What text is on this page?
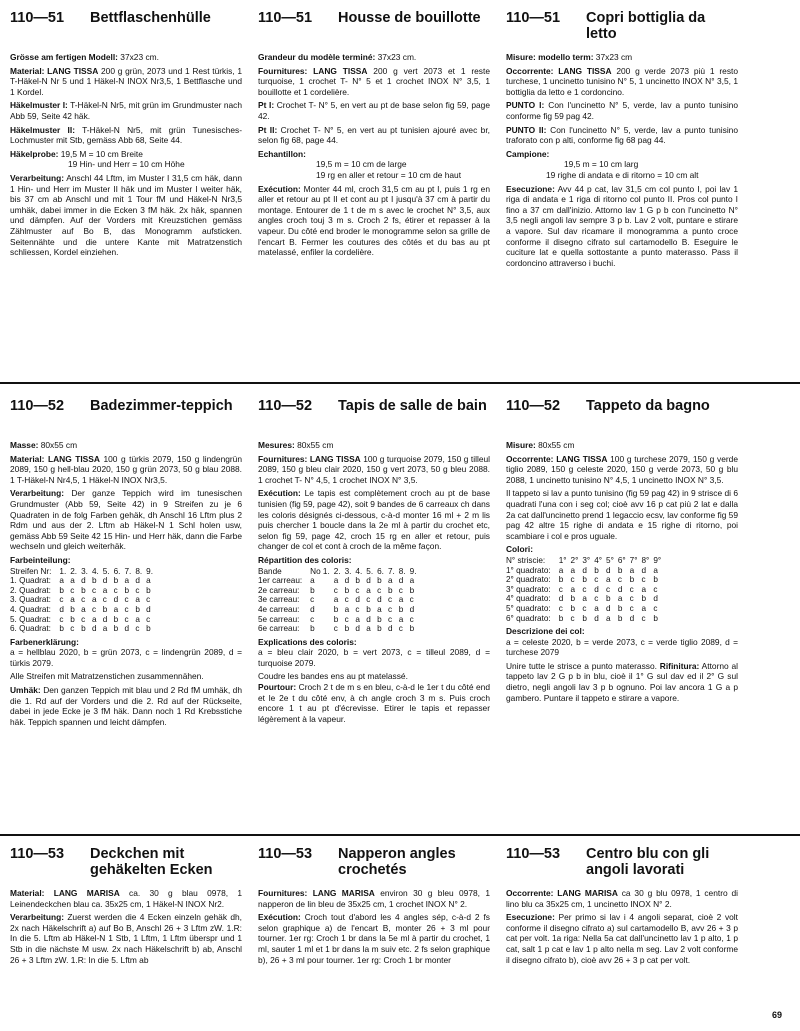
110—51	Bettflaschenhülle

Grösse am fertigen Modell: 37x23 cm.

Material: LANG TISSA 200 g grün, 2073 und 1 Rest türkis, 1 T-Häkel-N Nr 5 und 1 Häkel-N INOX Nr3,5, 1 Bettflasche und 1 Kordel.

Häkelmuster I: T-Häkel-N Nr5, mit grün im Grundmuster nach Abb 59, Seite 42 häk.

Häkelmuster II: T-Häkel-N Nr5, mit grün Tunesisches-Lochmuster mit Stb, gemäss Abb 68, Seite 44.

Häkelprobe: 19,5 M = 10 cm Breite

19 Hin- und Herr = 10 cm Höhe

Verarbeitung: Anschl 44 Lftm, im Muster I 31,5 cm häk, dann 1 Hin- und Herr im Muster II häk und im Muster I weiter häk, bis 37 cm ab Anschl und mit 1 Tour fM und Häkel-N Nr3,5 umhäk, dabei immer in die Ecken 3 fM häk. 2x häk, spannen und dämpfen. Auf der Vorders mit Kreuzstichen gemäss Zählmuster auf Bo B, das Monogramm aufsticken. Seitennähte und die untere Kante mit Matratzenstich schliessen, Kordel einziehen.

110—51	Housse de bouillotte

Grandeur du modèle terminé: 37x23 cm.

Fournitures: LANG TISSA 200 g vert 2073 et 1 reste turquoise, 1 crochet T- N° 5 et 1 crochet INOX N° 3,5, 1 bouillotte et 1 cordelière.

Pt I: Crochet T- N° 5, en vert au pt de base selon fig 59, page 42.

Pt II: Crochet T- N° 5, en vert au pt tunisien ajouré avec br, selon fig 68, page 44.

Echantillon:

19,5 m = 10 cm de large

19 rg en aller et retour = 10 cm de haut

Exécution: Monter 44 ml, croch 31,5 cm au pt I, puis 1 rg en aller et retour au pt II et cont au pt I jusqu'à 37 cm à partir du montage. Entourer de 1 t de m s avec le crochet N° 3,5, aux angles croch touj 3 m s. Croch 2 fs, étirer et repasser à la vapeur. Du côté end broder le monogramme selon sa grille de l'encart B. Fermer les coutures des côtés et du bas au pt matelassé, enfiler la cordelière.

110—51	Copri bottiglia da letto

Misure: modello term: 37x23 cm

Occorrente: LANG TISSA 200 g verde 2073 più 1 resto turchese, 1 uncinetto tunisino N° 5, 1 uncinetto INOX N° 3,5, 1 bottiglia da letto e 1 cordoncino.

PUNTO I: Con l'uncinetto N° 5, verde, lav a punto tunisino conforme fig 59 pag 42.

PUNTO II: Con l'uncinetto N° 5, verde, lav a punto tunisino traforato con p alti, conforme fig 68 pag 44.

Campione:

19,5 m = 10 cm larg

19 righe di andata e di ritorno = 10 cm alt

Esecuzione: Avv 44 p cat, lav 31,5 cm col punto I, poi lav 1 riga di andata e 1 riga di ritorno col punto II. Pros col punto I fino a 37 cm dall'inizio. Attorno lav 1 G p b con l'uncinetto N° 3,5 negli angoli lav sempre 3 p b. Lav 2 volt, puntare e stirare a vapore. Sul dav ricamare il monogramma a punto croce conforme il disegno cifrato sul cartamodello B. Eseguire le cuciture lat e quella sottostante a punto materasso. Pass il cordoncino attraverso i buchi.

110—52	Badezimmer-teppich

Masse: 80x55 cm

Material: LANG TISSA 100 g türkis 2079, 150 g lindengrün 2089, 150 g hell-blau 2020, 150 g grün 2073, 50 g blau 2088. 1 T-Häkel-N Nr4,5, 1 Häkel-N INOX Nr3,5.

Verarbeitung: Der ganze Teppich wird im tunesischen Grundmuster (Abb 59, Seite 42) in 9 Streifen zu je 6 Quadraten in de folg Farben gehäk, dh Anschl 16 Lftm plus 2 Rdm und aus der 2. Lftm ab Häkel-N 1 Schl holen usw, gemäss Abb 59 Seite 42 15 Hin- und Herr häk, dann die Farbe wechseln und gleich weiterhäk.

Farbeinteilung:

Streifen Nr:	1.	2.	3.	4.	5.	6.	7.	8.	9.
1. Quadrat:	a	a	d	b	d	b	a	d	a
2. Quadrat:	b	c	b	c	a	c	b	c	b
3. Quadrat:	c	a	c	a	c	d	c	a	c
4. Quadrat:	d	b	a	c	b	a	c	b	d
5. Quadrat:	c	b	c	a	d	b	c	a	c
6. Quadrat:	b	c	b	d	a	b	d	c	b

Farbenerklärung:

a = hellblau 2020, b = grün 2073, c = lindengrün 2089, d = türkis 2079.

Alle Streifen mit Matratzenstichen zusammennähen.

Umhäk: Den ganzen Teppich mit blau und 2 Rd fM umhäk, dh die 1. Rd auf der Vorders und die 2. Rd auf der Rückseite, dabei in jede Ecke je 3 fM häk. Dann noch 1 Rd Krebsstiche häk. Teppich spannen und leicht dämpfen.

110—52	Tapis de salle de bain

Mesures: 80x55 cm

Fournitures: LANG TISSA 100 g turquoise 2079, 150 g tilleul 2089, 150 g bleu clair 2020, 150 g vert 2073, 50 g bleu 2088. 1 crochet T- N° 4,5, 1 crochet INOX N° 3,5.

Exécution: Le tapis est complètement croch au pt de base tunisien (fig 59, page 42), soit 9 bandes de 6 carreaux ch dans les coloris désignés ci-dessous, c-à-d monter 16 ml + 2 m lis puis chercher 1 boucle dans la 2e ml à partir du crochet etc, selon fig 59, page 42, croch 15 rg en aller et retour, puis changer de col et cont à croch de la même façon.

Répartition des coloris:

Bande	No 1.	2.	3.	4.	5.	6.	7.	8.	9.
1er carreau:	a	a	d	b	d	b	a	d	a
2e carreau:	b	c	b	c	a	c	b	c	b
3e carreau:	c	a	c	d	c	d	c	a	c
4e carreau:	d	b	a	c	b	a	c	b	d
5e carreau:	c	b	c	a	d	b	c	a	c
6e carreau:	b	c	b	d	a	b	d	c	b

Explications des coloris:

a = bleu clair 2020, b = vert 2073, c = tilleul 2089, d = turquoise 2079.

Coudre les bandes ens au pt matelassé.

Pourtour: Croch 2 t de m s en bleu, c-à-d le 1er t du côté end et le 2e t du côté env, à ch angle croch 3 m s. Puis croch encore 1 t au pt d'écrevisse. Etirer le tapis et repasser légèrement à la vapeur.

110—52	Tappeto da bagno

Misure: 80x55 cm

Occorrente: LANG TISSA 100 g turchese 2079, 150 g verde tiglio 2089, 150 g celeste 2020, 150 g verde 2073, 50 g blu 2088, 1 uncinetto tunisino N° 4,5, 1 uncinetto INOX N° 3,5.

Il tappeto si lav a punto tunisino (fig 59 pag 42) in 9 strisce di 6 quadrati l'una con i seg col; cioè avv 16 p cat più 2 lat e dalla 2a cat dall'uncinetto prend 1 legaccio ecsv, lav conforme fig 59 pag 42 altre 15 righe di andata e 15 righe di ritorno, poi scambiare i col e pros uguale.

Colori:

N° striscie:	1°	2°	3°	4°	5°	6°	7°	8°	9°
1° quadrato:	a	a	d	b	d	b	a	d	a
2° quadrato:	b	c	b	c	a	c	b	c	b
3° quadrato:	c	a	c	d	c	d	c	a	c
4° quadrato:	d	b	a	c	b	a	c	b	d
5° quadrato:	c	b	c	a	d	b	c	a	c
6° quadrato:	b	c	b	d	a	b	d	c	b

Descrizione dei col:

a = celeste 2020, b = verde 2073, c = verde tiglio 2089, d = turchese 2079

Unire tutte le strisce a punto materasso. Rifinitura: Attorno al tappeto lav 2 G p b in blu, cioè il 1° G sul dav ed il 2° G sul dietro, negli angoli lav 3 p b ognuno. Poi lav ancora 1 G a p gambero. Puntare il tappeto e stirare a vapore.

110—53	Deckchen mit gehäkelten Ecken

Material: LANG MARISA ca. 30 g blau 0978, 1 Leinendeckchen blau ca. 35x25 cm, 1 Häkel-N INOX Nr2.

Verarbeitung: Zuerst werden die 4 Ecken einzeln gehäk dh, 2x nach Häkelschrift a) auf Bo B, Anschl 26 + 3 Lftm zW. 1.R: In die 5. Lftm ab Häkel-N 1 Stb, 1 Lftm, 1 Lftm überspr und 1 Stb in die nächste M usw. 2x nach Häkelschrift b) ab, Anschl 26 + 3 Lftm zW. 1.R: In die 5. Lftm ab

110—53	Napperon angles crochetés

Fournitures: LANG MARISA environ 30 g bleu 0978, 1 napperon de lin bleu de 35x25 cm, 1 crochet INOX N° 2.

Exécution: Croch tout d'abord les 4 angles sép, c-à-d 2 fs selon graphique a) de l'encart B, monter 26 + 3 ml pour tourner. 1er rg: Croch 1 br dans la 5e ml à partir du crochet, 1 ml, sauter 1 ml et 1 br dans la m suiv etc. 2 fs selon graphique b), 26 + 3 ml pour tourner. 1er rg: Croch 1 br monter

110—53	Centro blu con gli angoli lavorati

Occorrente: LANG MARISA ca 30 g blu 0978, 1 centro di lino blu ca 35x25 cm, 1 uncinetto INOX N° 2.

Esecuzione: Per primo si lav i 4 angoli separat, cioè 2 volt conforme il disegno cifrato a) sul cartamodello B, avv 26 + 3 p cat per volt. 1a riga: Nella 5a cat dall'uncinetto lav 1 p alto, 1 p cat, salt 1 p cat e lav 1 p alto nella m seg. Lav 2 volt conforme il disegno cifrato b), cioè avv 26 + 3 p cat per volt.

69
